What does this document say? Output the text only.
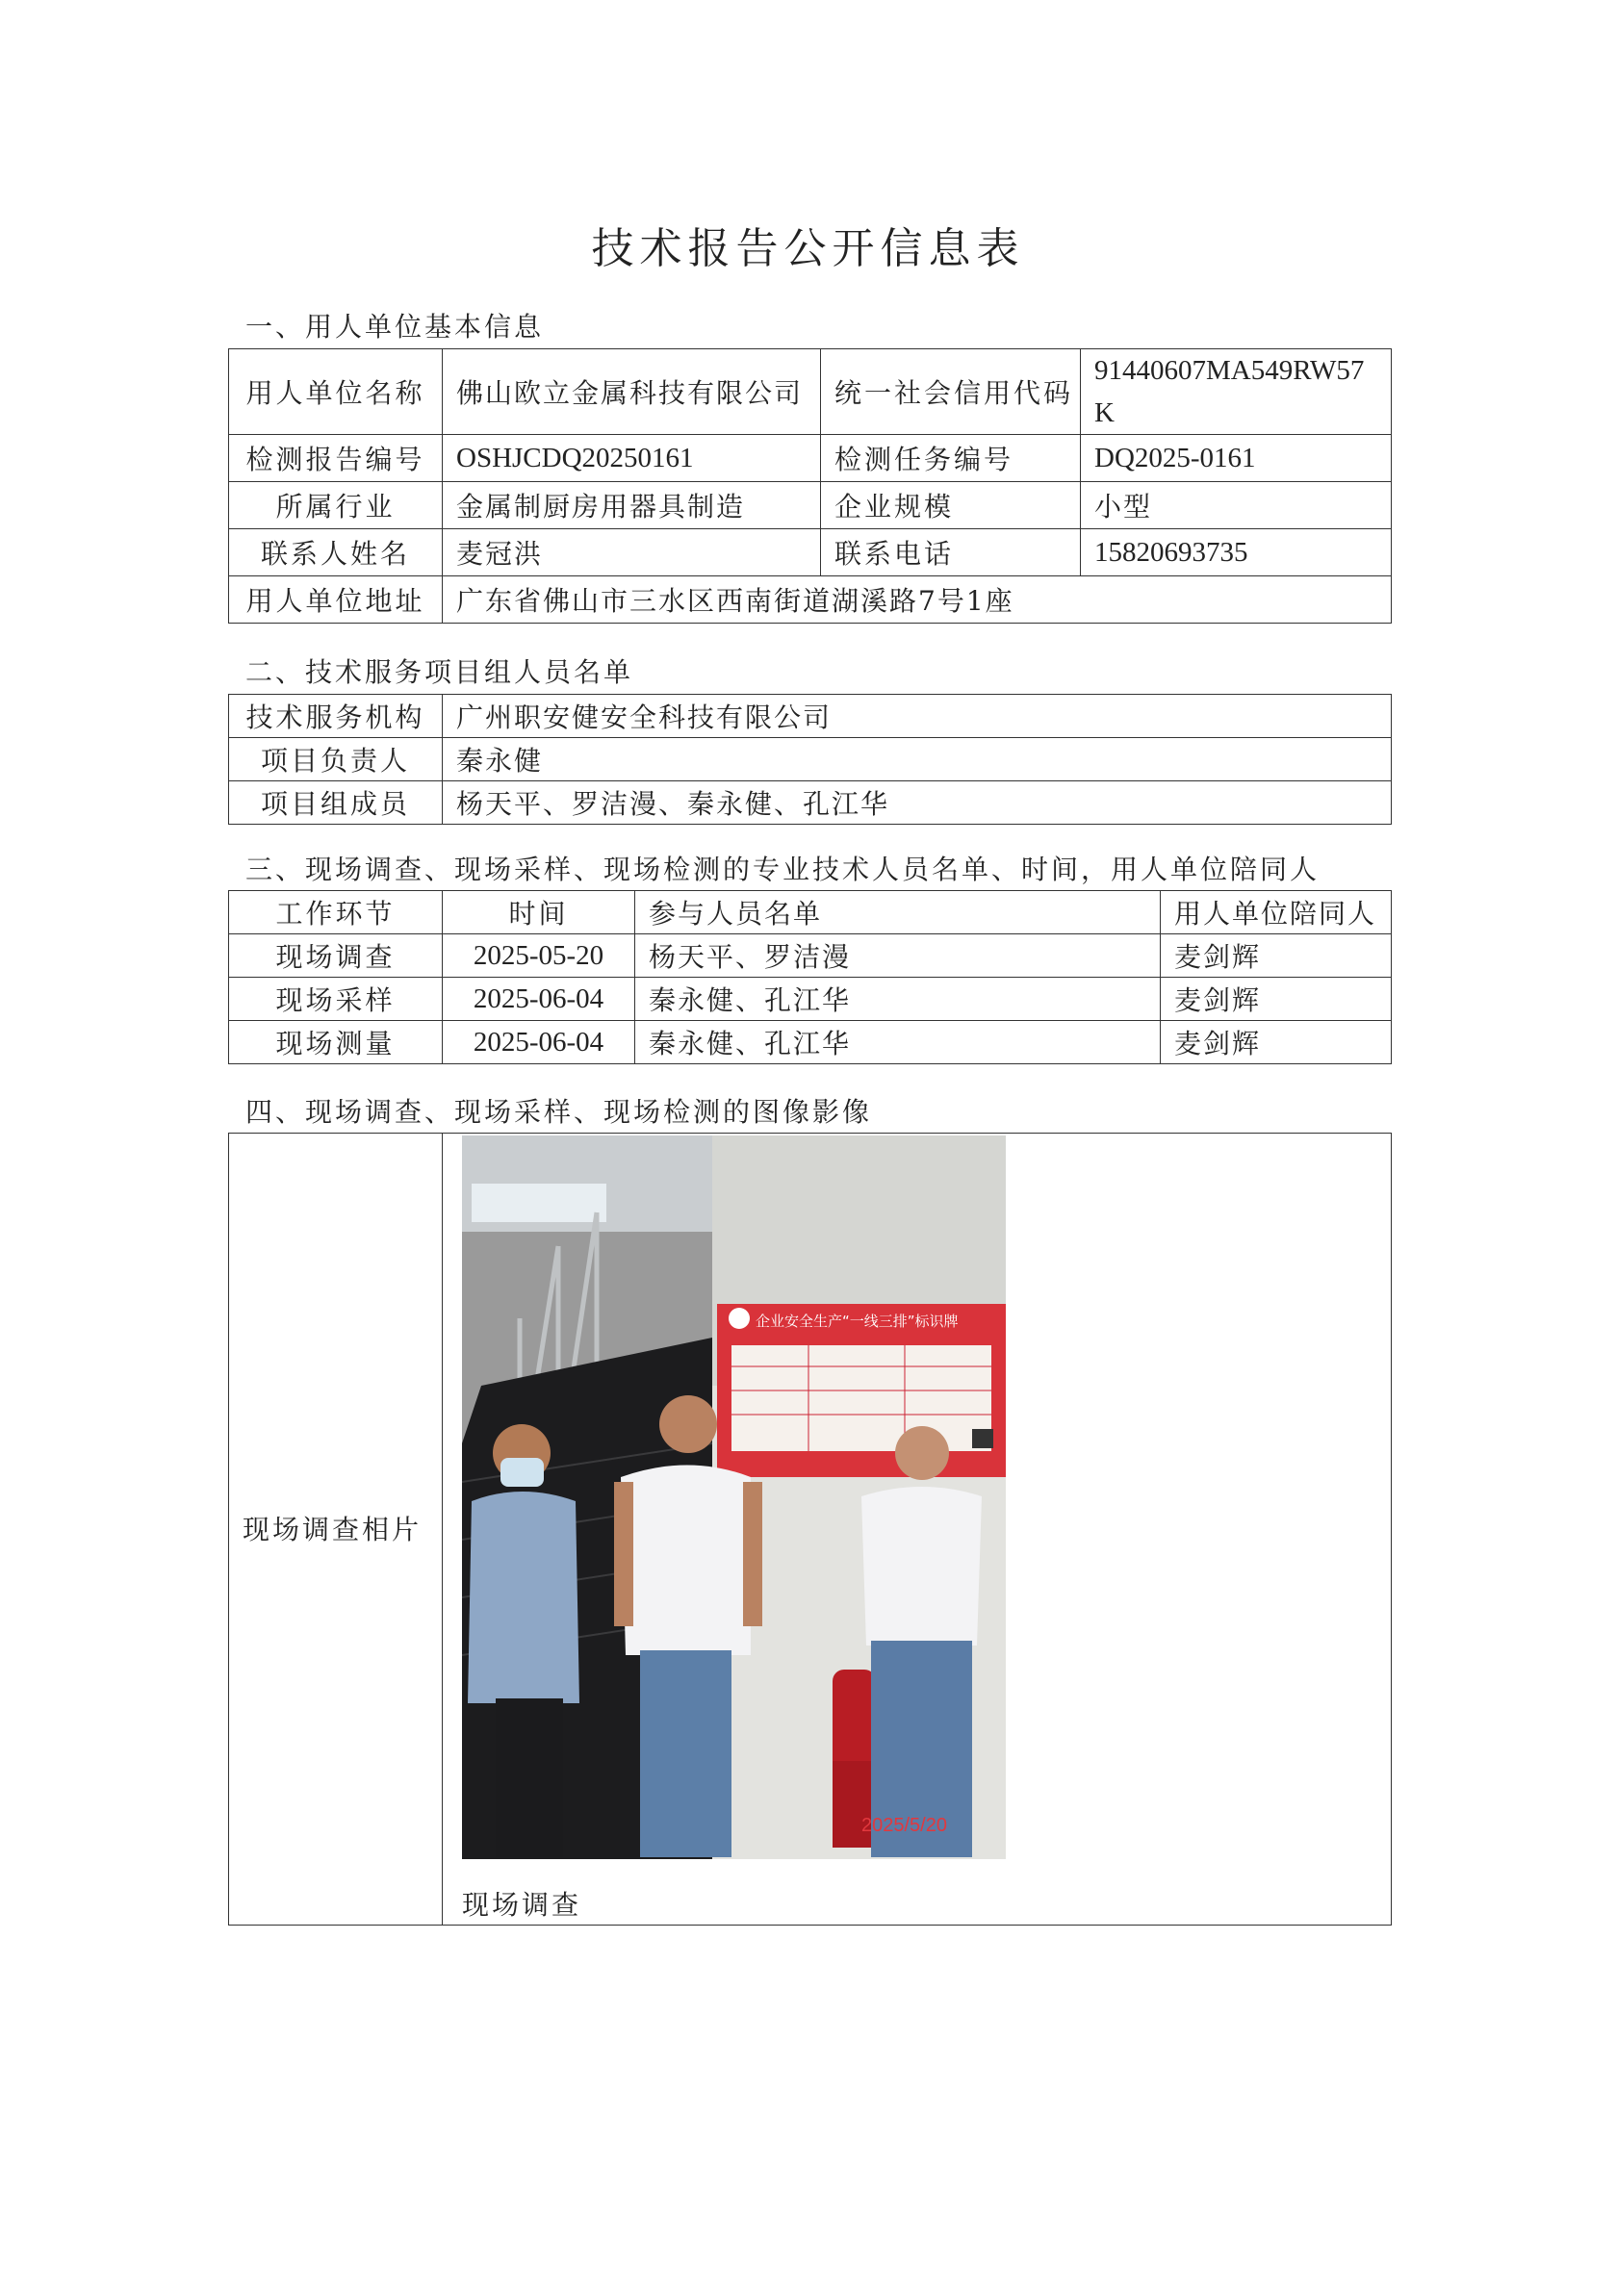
技术报告公开信息表
一、用人单位基本信息
用人单位名称	佛山欧立金属科技有限公司	统一社会信用代码	91440607MA549RW57K
检测报告编号	OSHJCDQ20250161	检测任务编号	DQ2025-0161
所属行业	金属制厨房用器具制造	企业规模	小型
联系人姓名	麦冠洪	联系电话	15820693735
用人单位地址	广东省佛山市三水区西南街道湖溪路7号1座		
二、技术服务项目组人员名单
技术服务机构	广州职安健安全科技有限公司
项目负责人	秦永健
项目组成员	杨天平、罗洁漫、秦永健、孔江华
三、现场调查、现场采样、现场检测的专业技术人员名单、时间，用人单位陪同人
工作环节	时间	参与人员名单	用人单位陪同人
现场调查	2025-05-20	杨天平、罗洁漫	麦剑辉
现场采样	2025-06-04	秦永健、孔江华	麦剑辉
现场测量	2025-06-04	秦永健、孔江华	麦剑辉
四、现场调查、现场采样、现场检测的图像影像
现场调查相片

企业安全生产“一线三排”标识牌
2025/5/20
现场调查
